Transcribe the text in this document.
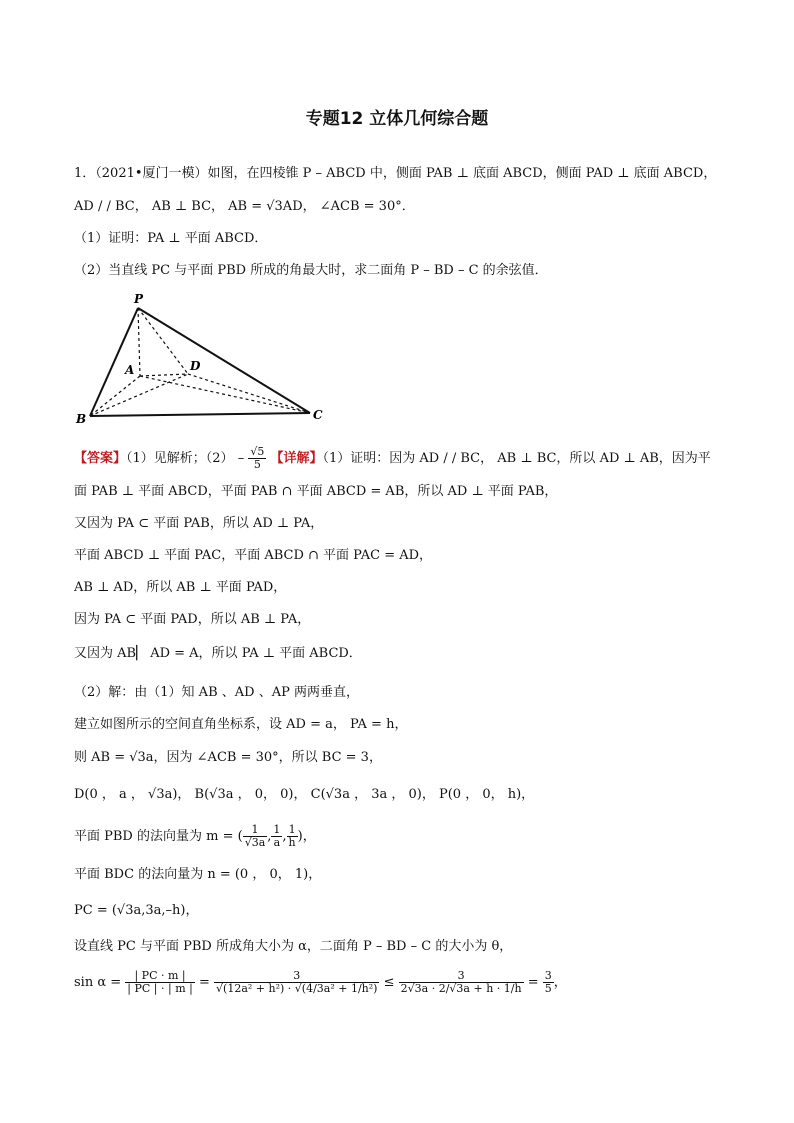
专题12 立体几何综合题
1．（2021•厦门一模）如图，在四棱锥 P – ABCD 中，侧面 PAB ⊥ 底面 ABCD，侧面 PAD ⊥ 底面 ABCD，
AD / / BC， AB ⊥ BC， AB = √3AD， ∠ACB = 30°．
（1）证明：PA ⊥ 平面 ABCD．
（2）当直线 PC 与平面 PBD 所成的角最大时，求二面角 P – BD – C 的余弦值．
P
A	D
B	C
【答案】（1）见解析；$(2) - \frac{√5}{5}$ 【详解】（1）证明：因为 AD / / BC， AB ⊥ BC，所以 AD ⊥ AB，因为平
面 PAB ⊥ 平面 ABCD，平面 PAB ∩ 平面 ABCD = AB，所以 AD ⊥ 平面 PAB，
又因为 PA ⊂ 平面 PAB，所以 AD ⊥ PA，
平面 ABCD ⊥ 平面 PAC，平面 ABCD ∩ 平面 PAC = AD，
AB ⊥ AD，所以 AB ⊥ 平面 PAD，
因为 PA ⊂ 平面 PAD，所以 AB ⊥ PA，
又因为 AB▏ AD = A，所以 PA ⊥ 平面 ABCD．
（2）解：由（1）知 AB 、AD 、AP 两两垂直，
建立如图所示的空间直角坐标系，设 AD = a， PA = h，
则 AB = √3a，因为 ∠ACB = 30°，所以 BC = 3，
D(0 ， a ， √3a)， B(√3a ， 0， 0)， C(√3a ， 3a ， 0)， P(0 ， 0， h)，
平面 PBD 的法向量为 m = ( $\frac{1}{√3a}$ , $\frac{1}{a}$ , $\frac{1}{h}$ )，
平面 BDC 的法向量为 n = (0 ， 0， 1)，
PC = (√3a,3a,–h)，
设直线 PC 与平面 PBD 所成角大小为 α，二面角 P – BD – C 的大小为 θ，
$\sin \alpha = \frac{| PC \cdot m |}{| PC | \cdot | m |} = \frac{3}{\text{√(12a² + h²) · √(4/3a² + 1/h²)}} \le \frac{3}{2√3a \cdot 2/√3a + h \cdot 1/h} = \frac{3}{5}$ ，
